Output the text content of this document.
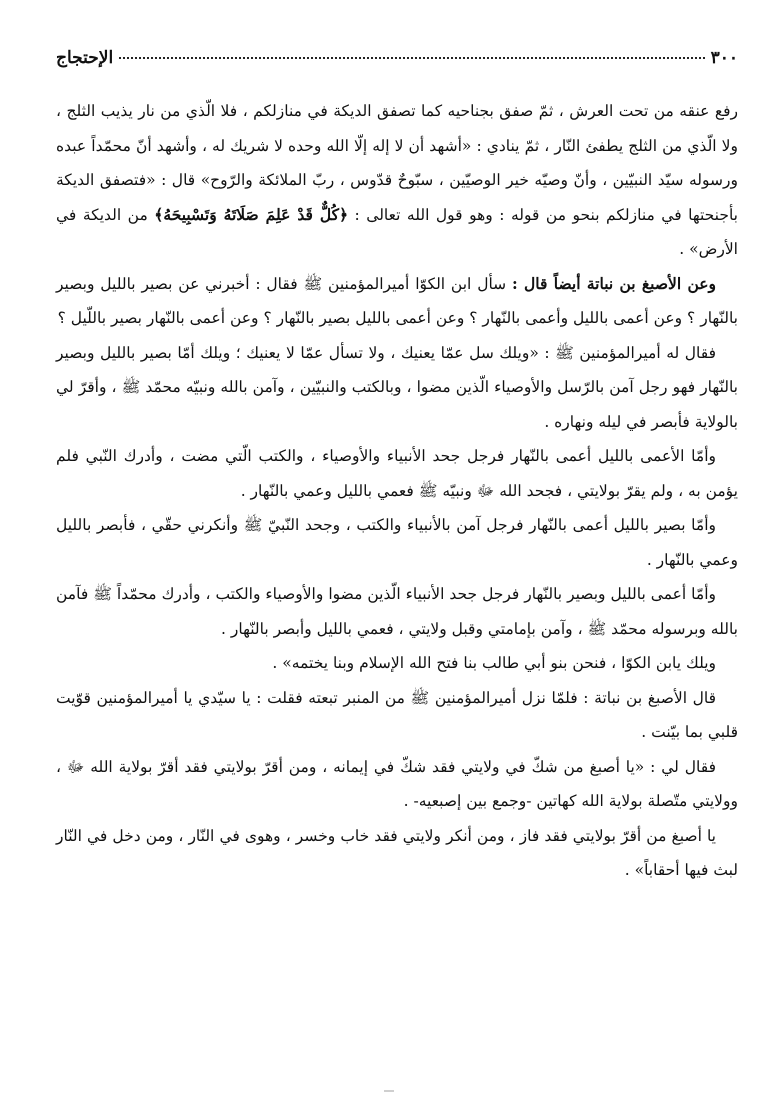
٣٠٠
الإحتجاج

رفع عنقه من تحت العرش ، ثمّ صفق بجناحيه كما تصفق الديكة في منازلكم ، فلا الّذي من نار يذيب الثلج ، ولا الّذي من الثلج يطفئ النّار ، ثمّ ينادي : «أشهد أن لا إله إلّا الله وحده لا شريك له ، وأشهد أنّ محمّداً عبده ورسوله سيّد النبيّين ، وأنّ وصيّه خير الوصيّين ، سبّوحٌ قدّوس ، ربّ الملائكة والرّوح» قال : «فتصفق الديكة بأجنحتها في منازلكم بنحو من قوله : وهو قول الله تعالى : ﴿كُلٌّ قَدْ عَلِمَ صَلَاتَهُ وَتَسْبِيحَهُ﴾ من الديكة في الأرض» .

وعن الأصبغ بن نباتة أيضاً قال : سأل ابن الكوّا أميرالمؤمنين ﷺ فقال : أخبرني عن بصير بالليل وبصير بالنّهار ؟ وعن أعمى بالليل وأعمى بالنّهار ؟ وعن أعمى بالليل بصير بالنّهار ؟ وعن أعمى بالنّهار بصير باللّيل ؟

فقال له أميرالمؤمنين ﷺ : «ويلك سل عمّا يعنيك ، ولا تسأل عمّا لا يعنيك ؛ ويلك أمّا بصير بالليل وبصير بالنّهار فهو رجل آمن بالرّسل والأوصياء الّذين مضوا ، وبالكتب والنبيّين ، وآمن بالله ونبيّه محمّد ﷺ ، وأقرّ لي بالولاية فأبصر في ليله ونهاره .

وأمّا الأعمى بالليل أعمى بالنّهار فرجل جحد الأنبياء والأوصياء ، والكتب الّتي مضت ، وأدرك النّبي فلم يؤمن به ، ولم يقرّ بولايتي ، فجحد الله ﷻ ونبيّه ﷺ فعمي بالليل وعمي بالنّهار .

وأمّا بصير بالليل أعمى بالنّهار فرجل آمن بالأنبياء والكتب ، وجحد النّبيّ ﷺ وأنكرني حقّي ، فأبصر بالليل وعمي بالنّهار .

وأمّا أعمى بالليل وبصير بالنّهار فرجل جحد الأنبياء الّذين مضوا والأوصياء والكتب ، وأدرك محمّداً ﷺ فآمن بالله وبرسوله محمّد ﷺ ، وآمن بإمامتي وقبل ولايتي ، فعمي بالليل وأبصر بالنّهار .

ويلك يابن الكوّا ، فنحن بنو أبي طالب بنا فتح الله الإسلام وبنا يختمه» .

قال الأصبغ بن نباتة : فلمّا نزل أميرالمؤمنين ﷺ من المنبر تبعته فقلت : يا سيّدي يا أميرالمؤمنين قوّيت قلبي بما بيّنت .

فقال لي : «يا أصبغ من شكّ في ولايتي فقد شكّ في إيمانه ، ومن أقرّ بولايتي فقد أقرّ بولاية الله ﷻ ، وولايتي متّصلة بولاية الله كهاتين -وجمع بين إصبعيه- .

يا أصبغ من أقرّ بولايتي فقد فاز ، ومن أنكر ولايتي فقد خاب وخسر ، وهوى في النّار ، ومن دخل في النّار لبث فيها أحقاباً» .
